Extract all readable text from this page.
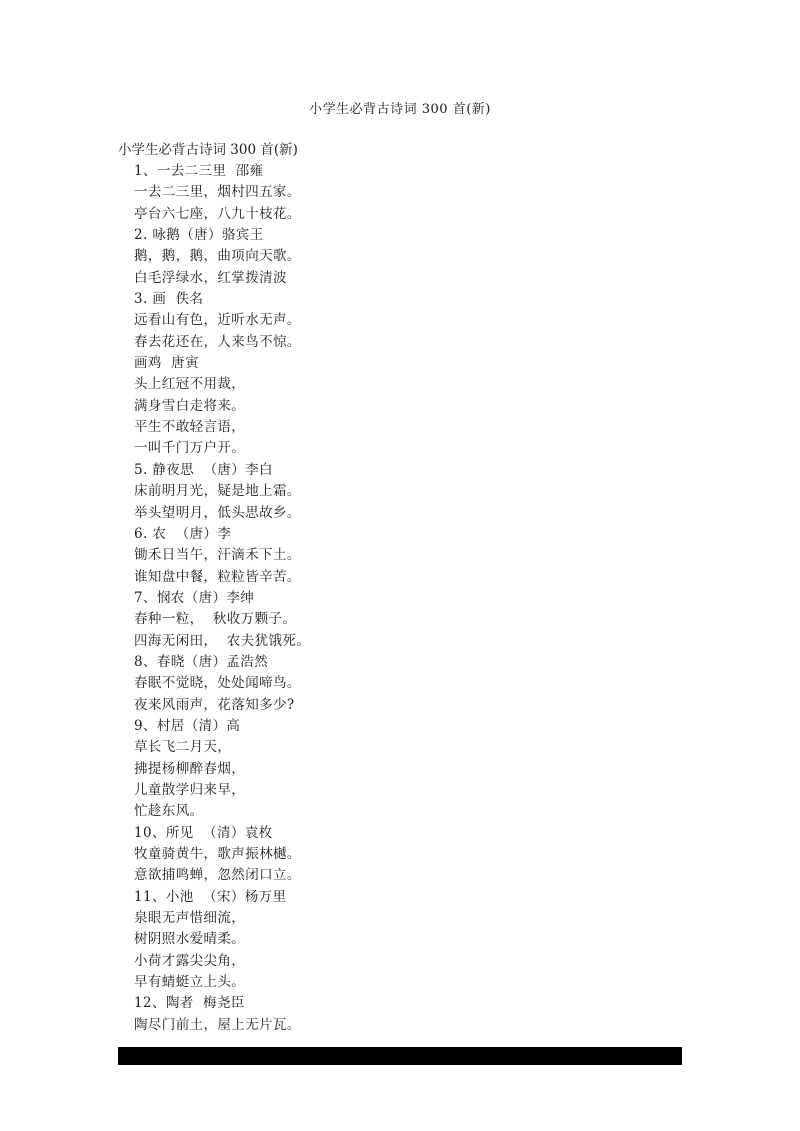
小学生必背古诗词 300 首(新)

小学生必背古诗词 300 首(新)

1、一去二三里  邵雍
一去二三里，烟村四五家。
亭台六七座，八九十枝花。
2. 咏鹅（唐）骆宾王
鹅，鹅，鹅，曲项向天歌。
白毛浮绿水，红掌拨清波
3. 画  佚名
远看山有色，近听水无声。
春去花还在，人来鸟不惊。
画鸡  唐寅
头上红冠不用裁，
满身雪白走将来。
平生不敢轻言语，
一叫千门万户开。
5. 静夜思  （唐）李白
床前明月光，疑是地上霜。
举头望明月，低头思故乡。
6. 农  （唐）李
锄禾日当午，汗滴禾下土。
谁知盘中餐，粒粒皆辛苦。
7、悯农（唐）李绅
春种一粒，  秋收万颗子。
四海无闲田，  农夫犹饿死。
8、春晓（唐）孟浩然
春眠不觉晓，处处闻啼鸟。
夜来风雨声，花落知多少?
9、村居（清）高
草长飞二月天，
拂提杨柳醉春烟，
儿童散学归来早，
忙趁东风。
10、所见  （清）袁枚
牧童骑黄牛，歌声振林樾。
意欲捕鸣蝉，忽然闭口立。
11、小池  （宋）杨万里
泉眼无声惜细流，
树阴照水爱晴柔。
小荷才露尖尖角，
早有蜻蜓立上头。
12、陶者  梅尧臣
陶尽门前土，屋上无片瓦。

第 1 页  /总页数  28  页
